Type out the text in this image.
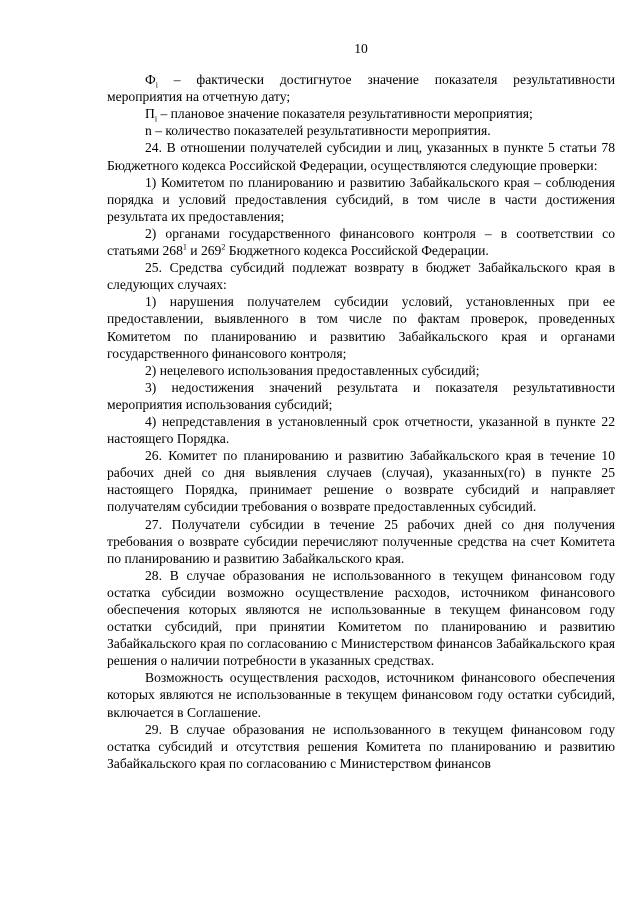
10

$Ф_i$ – фактически достигнутое значение показателя результативности мероприятия на отчетную дату;

$П_i$ – плановое значение показателя результативности мероприятия;

n – количество показателей результативности мероприятия.

24. В отношении получателей субсидии и лиц, указанных в пункте 5 статьи 78 Бюджетного кодекса Российской Федерации, осуществляются следующие проверки:

1) Комитетом по планированию и развитию Забайкальского края – соблюдения порядка и условий предоставления субсидий, в том числе в части достижения результата их предоставления;

2) органами государственного финансового контроля – в соответствии со статьями $268^1$ и $269^2$ Бюджетного кодекса Российской Федерации.

25. Средства субсидий подлежат возврату в бюджет Забайкальского края в следующих случаях:

1) нарушения получателем субсидии условий, установленных при ее предоставлении, выявленного в том числе по фактам проверок, проведенных Комитетом по планированию и развитию Забайкальского края и органами государственного финансового контроля;

2) нецелевого использования предоставленных субсидий;

3) недостижения значений результата и показателя результативности мероприятия использования субсидий;

4) непредставления в установленный срок отчетности, указанной в пункте 22 настоящего Порядка.

26. Комитет по планированию и развитию Забайкальского края в течение 10 рабочих дней со дня выявления случаев (случая), указанных(го) в пункте 25 настоящего Порядка, принимает решение о возврате субсидий и направляет получателям субсидии требования о возврате предоставленных субсидий.

27. Получатели субсидии в течение 25 рабочих дней со дня получения требования о возврате субсидии перечисляют полученные средства на счет Комитета по планированию и развитию Забайкальского края.

28. В случае образования не использованного в текущем финансовом году остатка субсидии возможно осуществление расходов, источником финансового обеспечения которых являются не использованные в текущем финансовом году остатки субсидий, при принятии Комитетом по планированию и развитию Забайкальского края по согласованию с Министерством финансов Забайкальского края решения о наличии потребности в указанных средствах.

Возможность осуществления расходов, источником финансового обеспечения которых являются не использованные в текущем финансовом году остатки субсидий, включается в Соглашение.

29. В случае образования не использованного в текущем финансовом году остатка субсидий и отсутствия решения Комитета по планированию и развитию Забайкальского края по согласованию с Министерством финансов
